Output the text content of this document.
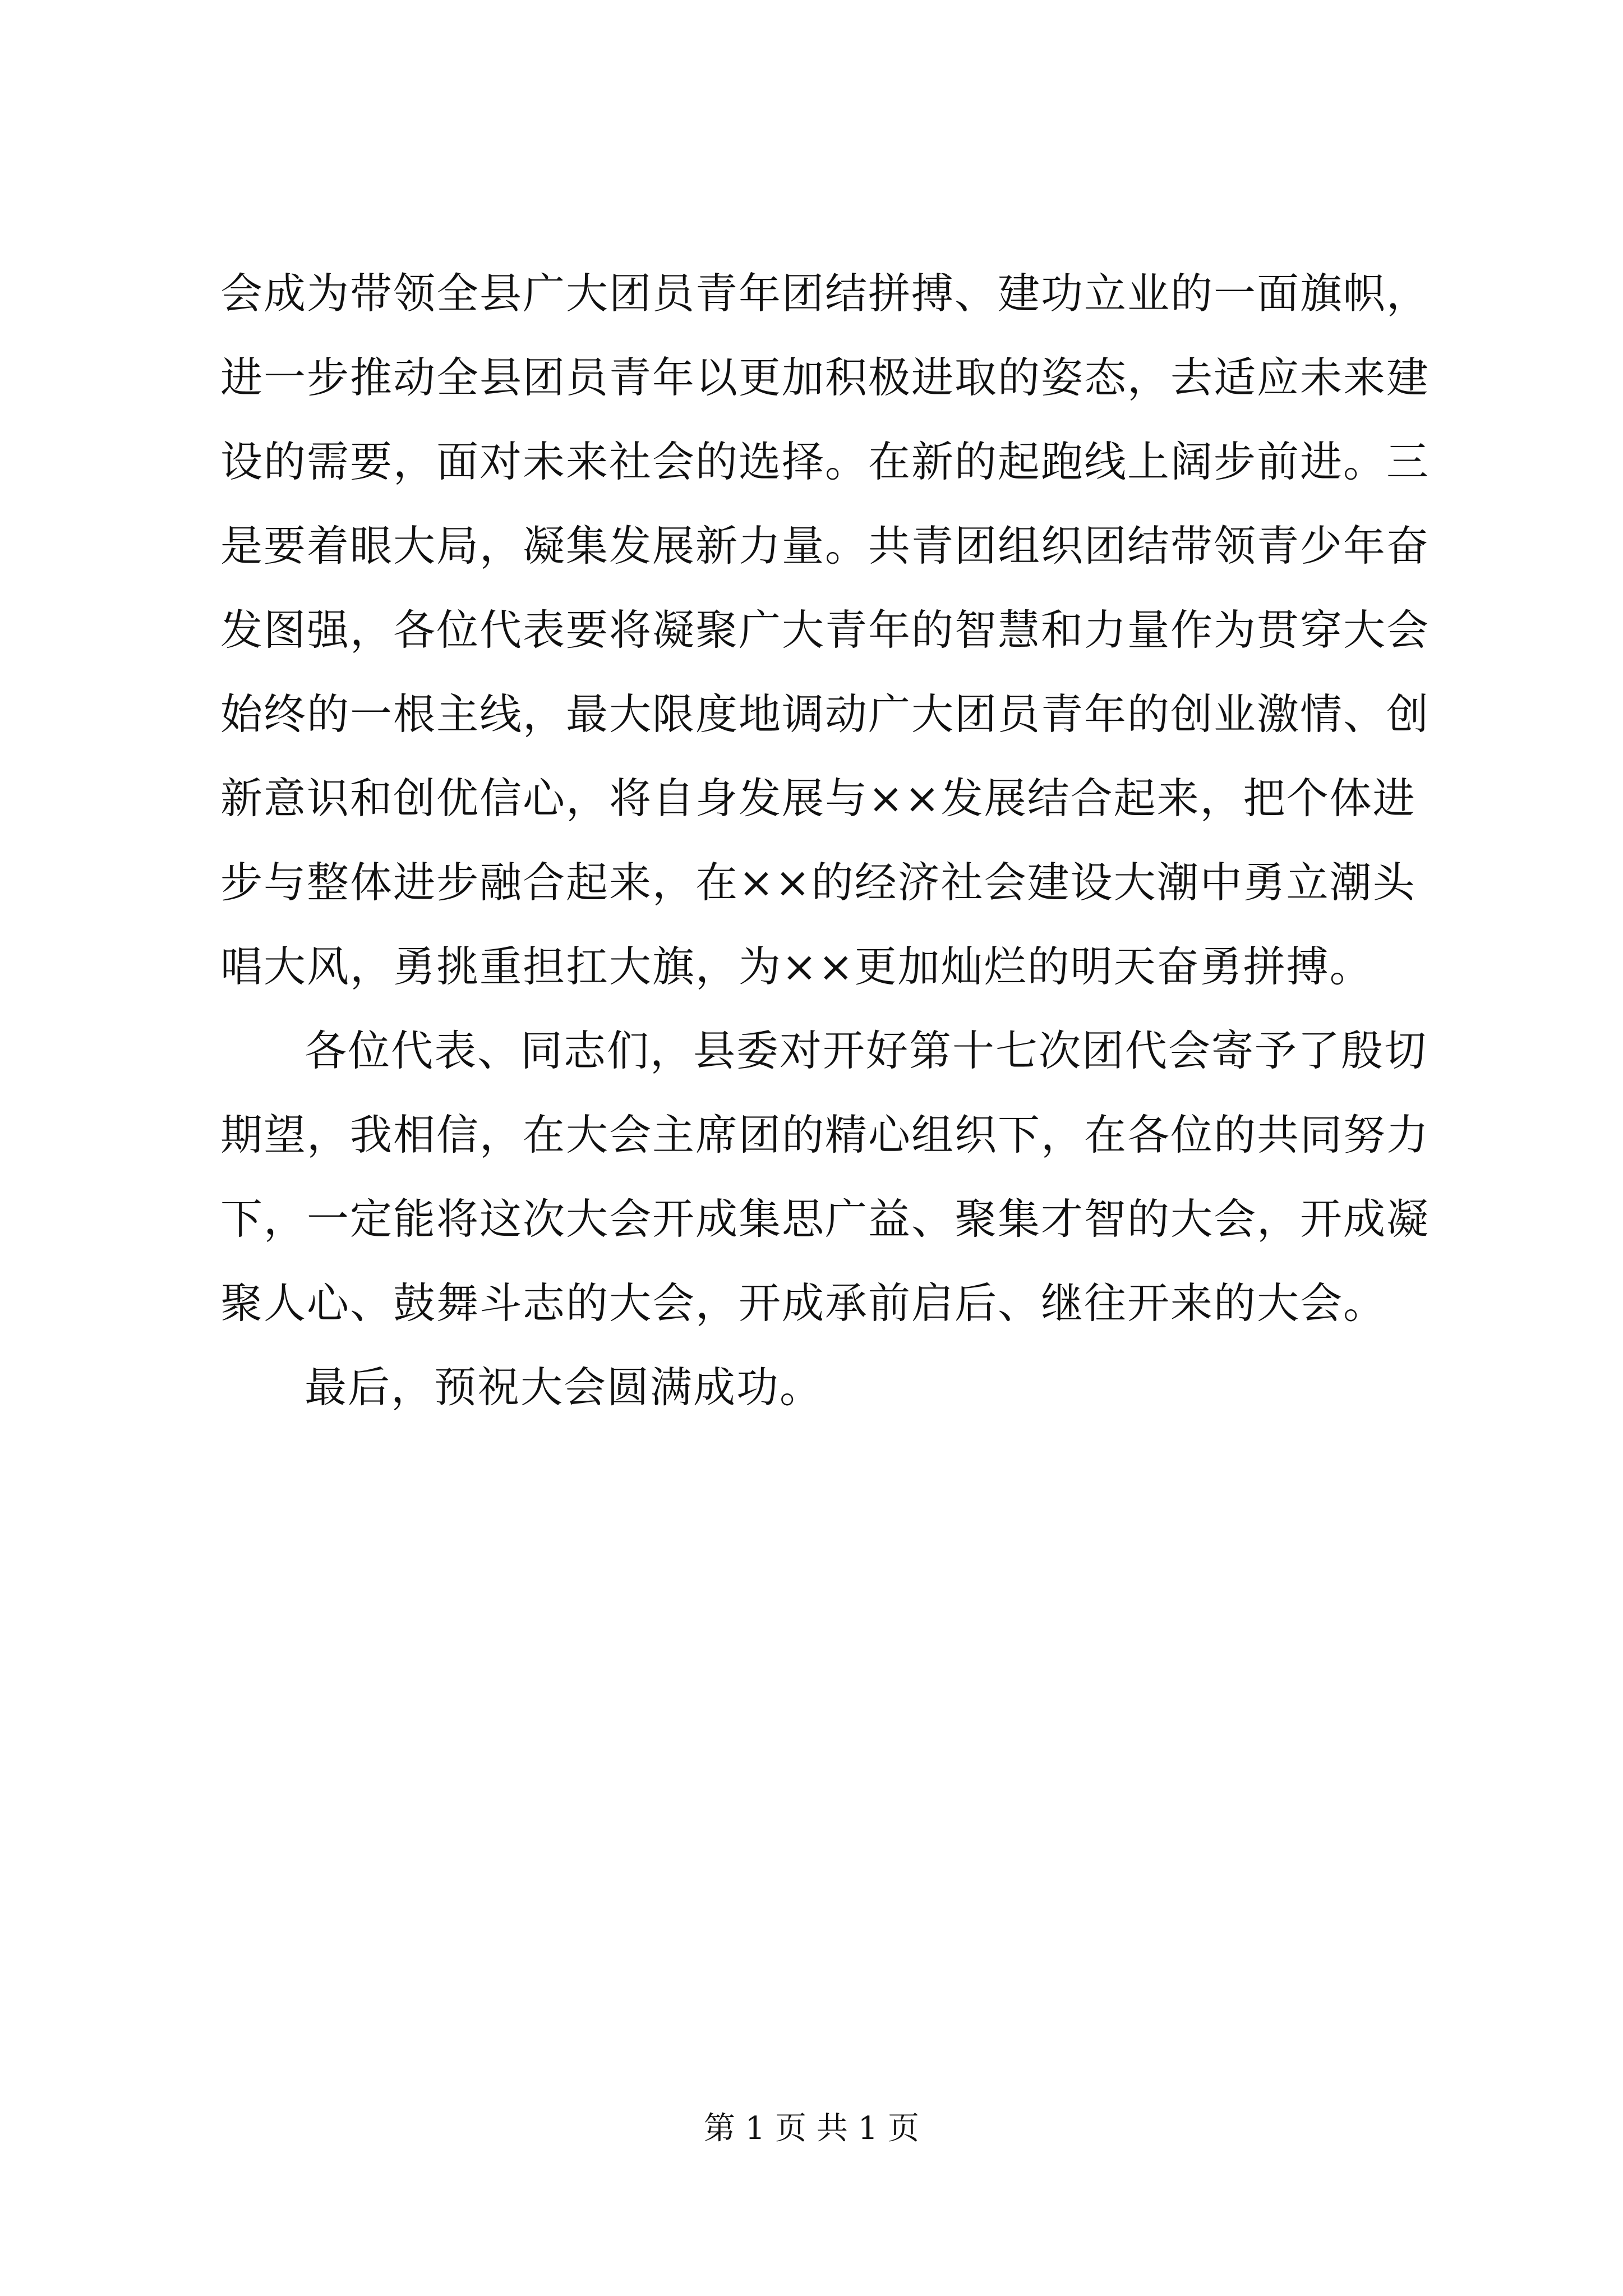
会成为带领全县广大团员青年团结拼搏、建功立业的一面旗帜，
进一步推动全县团员青年以更加积极进取的姿态，去适应未来建
设的需要，面对未来社会的选择。在新的起跑线上阔步前进。三
是要着眼大局，凝集发展新力量。共青团组织团结带领青少年奋
发图强，各位代表要将凝聚广大青年的智慧和力量作为贯穿大会
始终的一根主线，最大限度地调动广大团员青年的创业激情、创
新意识和创优信心，将自身发展与××发展结合起来，把个体进
步与整体进步融合起来，在××的经济社会建设大潮中勇立潮头
唱大风，勇挑重担扛大旗，为××更加灿烂的明天奋勇拼搏。
各位代表、同志们，县委对开好第十七次团代会寄予了殷切
期望，我相信，在大会主席团的精心组织下，在各位的共同努力
下，一定能将这次大会开成集思广益、聚集才智的大会，开成凝
聚人心、鼓舞斗志的大会，开成承前启后、继往开来的大会。
最后，预祝大会圆满成功。
第 1 页 共 1 页
